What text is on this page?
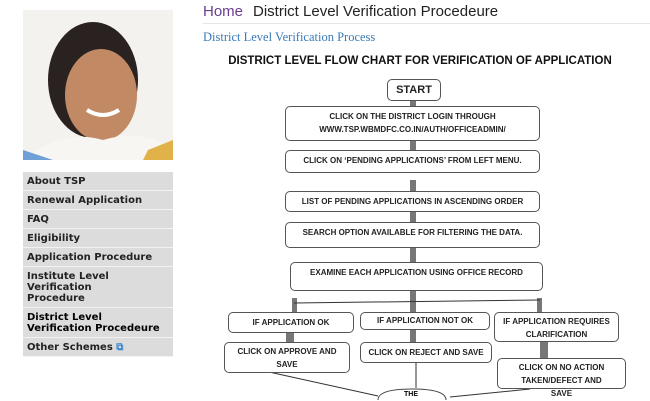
About TSP
Renewal Application
FAQ
Eligibility
Application Procedure
Institute Level Verification Procedure
District Level Verification Procedeure
Other Schemes ⧉
Home District Level Verification Procedeure
District Level Verification Process
DISTRICT LEVEL FLOW CHART FOR VERIFICATION OF APPLICATION
START
CLICK ON THE DISTRICT LOGIN THROUGH
WWW.TSP.WBMDFC.CO.IN/AUTH/OFFICEADMIN/
CLICK ON ‘PENDING APPLICATIONS’ FROM LEFT MENU.
LIST OF PENDING APPLICATIONS IN ASCENDING ORDER
SEARCH OPTION AVAILABLE FOR FILTERING THE DATA.
EXAMINE EACH APPLICATION USING OFFICE RECORD
IF APPLICATION OK	IF APPLICATION NOT OK	IF APPLICATION REQUIRES CLARIFICATION
CLICK ON APPROVE AND SAVE
CLICK ON REJECT AND SAVE
CLICK ON NO ACTION TAKEN/DEFECT AND SAVE
THE
